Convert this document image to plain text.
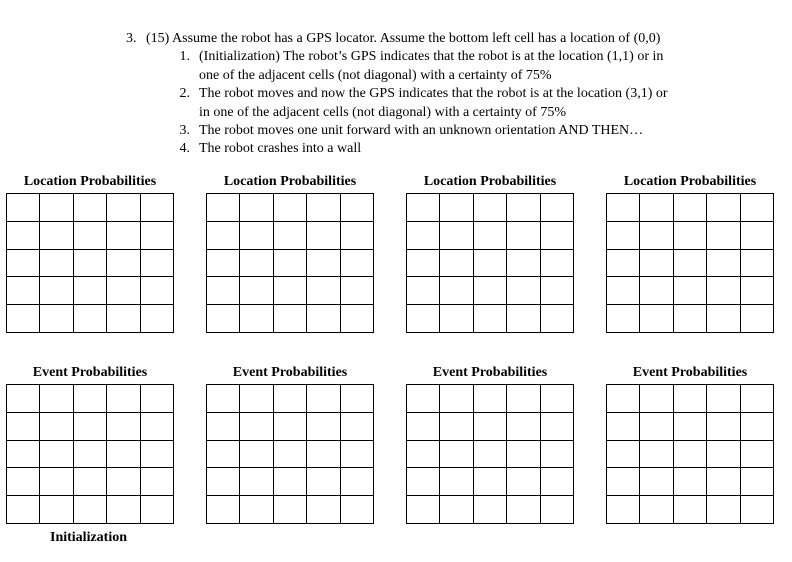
3. (15) Assume the robot has a GPS locator. Assume the bottom left cell has a location of (0,0)
1. (Initialization) The robot’s GPS indicates that the robot is at the location (1,1) or in
one of the adjacent cells (not diagonal) with a certainty of 75%
2. The robot moves and now the GPS indicates that the robot is at the location (3,1) or
in one of the adjacent cells (not diagonal) with a certainty of 75%
3. The robot moves one unit forward with an unknown orientation AND THEN…
4. The robot crashes into a wall
Location Probabilities	Location Probabilities	Location Probabilities	Location Probabilities
Event Probabilities	Event Probabilities	Event Probabilities	Event Probabilities
Initialization
